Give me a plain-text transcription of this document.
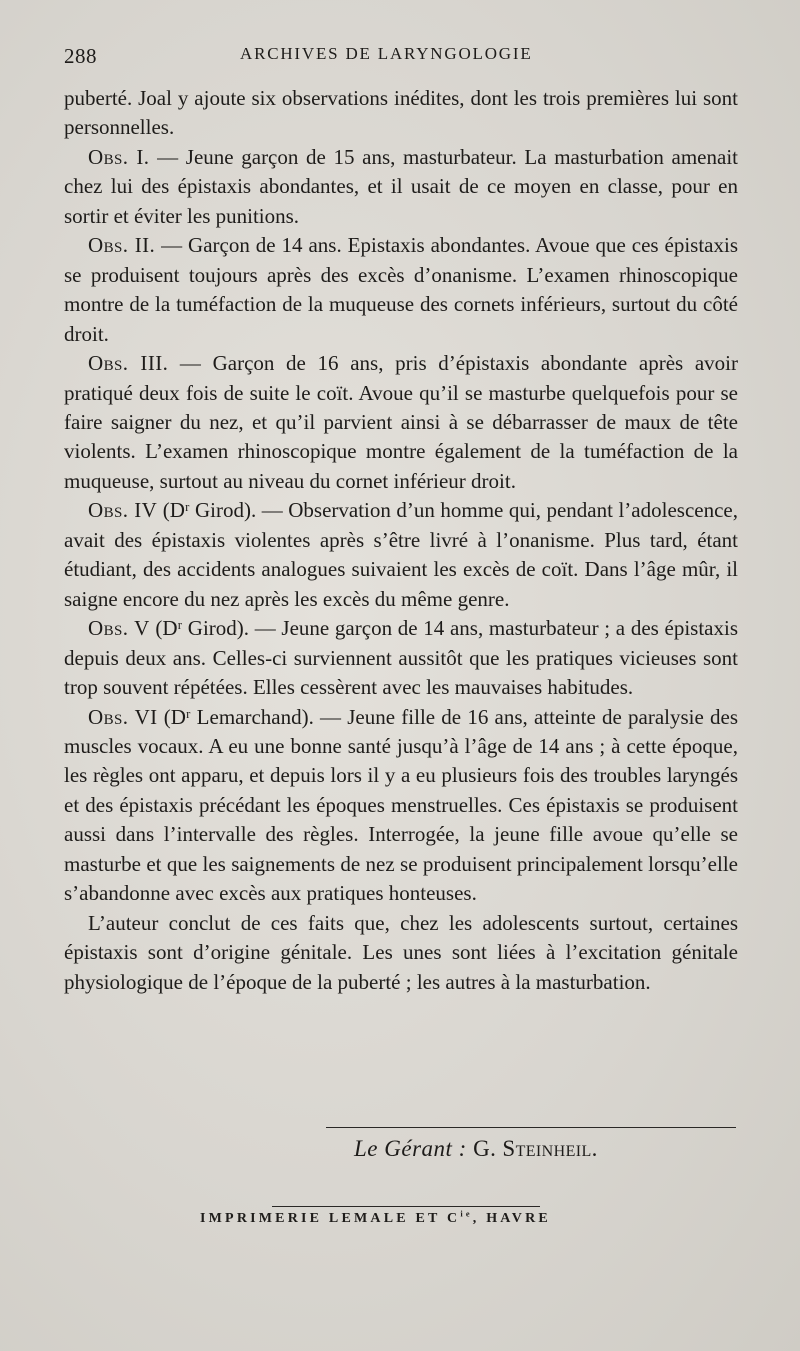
288	ARCHIVES DE LARYNGOLOGIE

puberté. Joal y ajoute six observations inédites, dont les trois premières lui sont personnelles.

Obs. I. — Jeune garçon de 15 ans, masturbateur. La masturbation amenait chez lui des épistaxis abondantes, et il usait de ce moyen en classe, pour en sortir et éviter les punitions.

Obs. II. — Garçon de 14 ans. Epistaxis abondantes. Avoue que ces épistaxis se produisent toujours après des excès d’onanisme. L’examen rhinoscopique montre de la tuméfaction de la muqueuse des cornets inférieurs, surtout du côté droit.

Obs. III. — Garçon de 16 ans, pris d’épistaxis abondante après avoir pratiqué deux fois de suite le coït. Avoue qu’il se masturbe quelquefois pour se faire saigner du nez, et qu’il parvient ainsi à se débarrasser de maux de tête violents. L’examen rhinoscopique montre également de la tuméfaction de la muqueuse, surtout au niveau du cornet inférieur droit.

Obs. IV (Dʳ Girod). — Observation d’un homme qui, pendant l’adolescence, avait des épistaxis violentes après s’être livré à l’onanisme. Plus tard, étant étudiant, des accidents analogues suivaient les excès de coït. Dans l’âge mûr, il saigne encore du nez après les excès du même genre.

Obs. V (Dʳ Girod). — Jeune garçon de 14 ans, masturbateur ; a des épistaxis depuis deux ans. Celles-ci surviennent aussitôt que les pratiques vicieuses sont trop souvent répétées. Elles cessèrent avec les mauvaises habitudes.

Obs. VI (Dʳ Lemarchand). — Jeune fille de 16 ans, atteinte de paralysie des muscles vocaux. A eu une bonne santé jusqu’à l’âge de 14 ans ; à cette époque, les règles ont apparu, et depuis lors il y a eu plusieurs fois des troubles laryngés et des épistaxis précédant les époques menstruelles. Ces épistaxis se produisent aussi dans l’intervalle des règles. Interrogée, la jeune fille avoue qu’elle se masturbe et que les saignements de nez se produisent principalement lorsqu’elle s’abandonne avec excès aux pratiques honteuses.

L’auteur conclut de ces faits que, chez les adolescents surtout, certaines épistaxis sont d’origine génitale. Les unes sont liées à l’excitation génitale physiologique de l’époque de la puberté ; les autres à la masturbation.

Le Gérant : G. Steinheil.
IMPRIMERIE LEMALE ET $C^{ie}$, HAVRE
